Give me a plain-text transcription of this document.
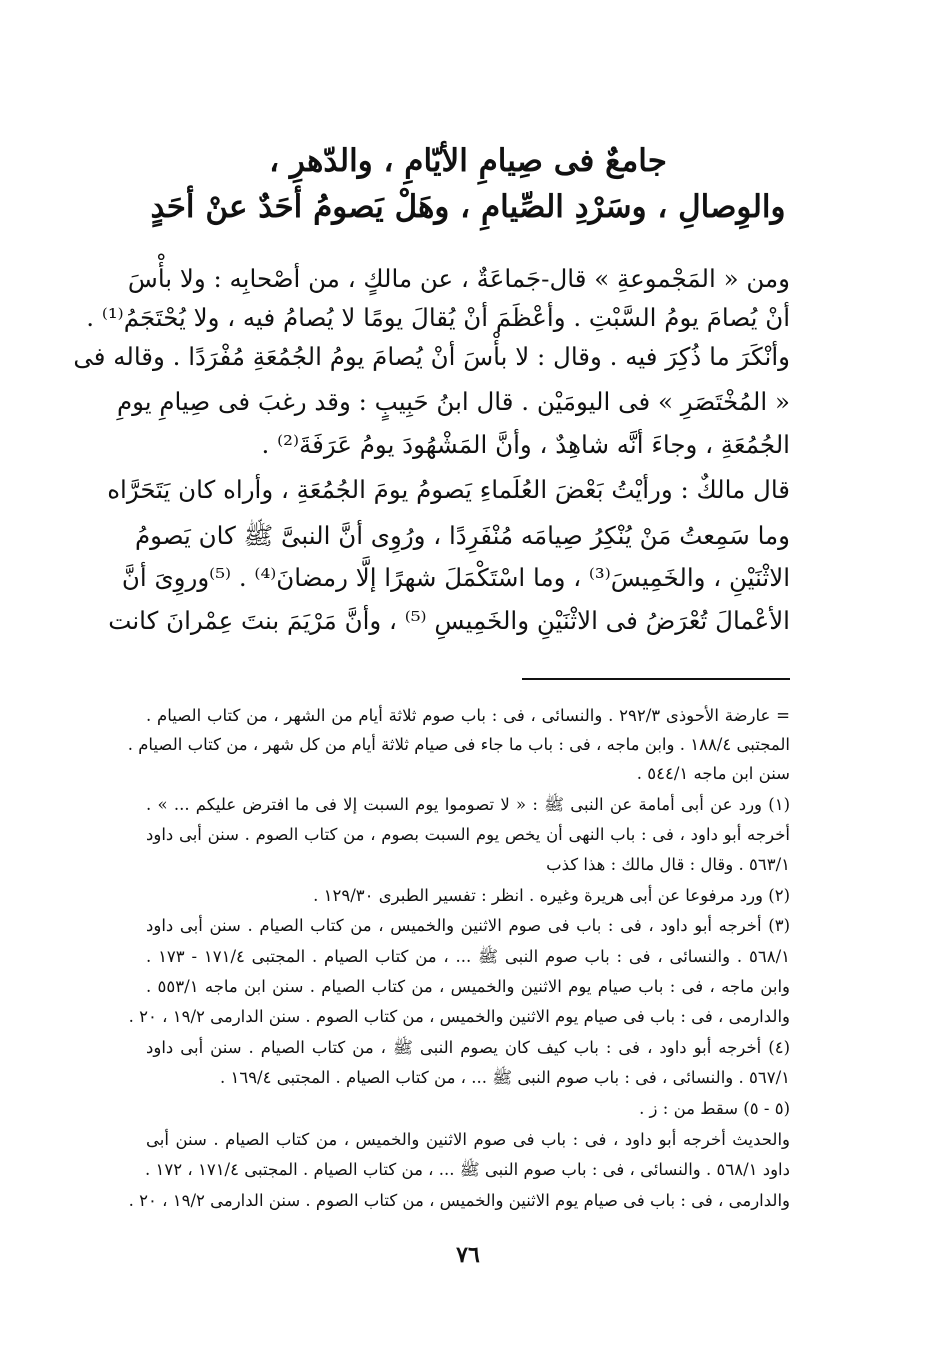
جامعٌ فى صِيامِ الأيّامِ ، والدّهرِ ،
والوِصالِ ، وسَرْدِ الصِّيامِ ، وهَلْ يَصومُ أحَدٌ عنْ أحَدٍ
ومن « المَجْموعةِ » قال-جَماعَةٌ ، عن مالكٍ ، من أصْحابِه : ولا بأْسَ
أنْ يُصامَ يومُ السَّبْتِ . وأعْظَمَ أنْ يُقالَ يومًا لا يُصامُ فيه ، ولا يُحْتَجَمُ⁽¹⁾ .
وأنْكَرَ ما ذُكِرَ فيه . وقال : لا بأْسَ أنْ يُصامَ يومُ الجُمُعَةِ مُفْرَدًا . وقاله فى
« المُخْتَصَرِ » فى اليومَيْن . قال ابنُ حَبِيبٍ : وقد رغبَ فى صِيامِ يومِ
الجُمُعَةِ ، وجاءَ أنَّه شاهِدٌ ، وأنَّ المَشْهُودَ يومُ عَرَفَةَ⁽²⁾ .
قال مالكٌ : ورأيْتُ بَعْضَ العُلَماءِ يَصومُ يومَ الجُمُعَةِ ، وأراه كان يَتَحَرَّاه
وما سَمِعتُ مَنْ يُنْكِرُ صِيامَه مُنْفَرِدًا ، ورُوِى أنَّ النبىَّ ﷺ كان يَصومُ
الاثْنَيْنِ ، والخَمِيسَ⁽³⁾ ، وما اسْتَكْمَلَ شهرًا إلَّا رمضانَ⁽⁴⁾ . ⁽⁵⁾وروِىَ أنَّ
الأعْمالَ تُعْرَضُ فى الاثْنَيْنِ والخَمِيسِ ⁽⁵⁾ ، وأنَّ مَرْيَمَ بنتَ عِمْرانَ كانت
= عارضة الأحوذى ٢٩٢/٣ . والنسائى ، فى : باب صوم ثلاثة أيام من الشهر ، من كتاب الصيام .
المجتبى ١٨٨/٤ . وابن ماجه ، فى : باب ما جاء فى صيام ثلاثة أيام من كل شهر ، من كتاب الصيام .
سنن ابن ماجه ٥٤٤/١ .
(١) ورد عن أبى أمامة عن النبى ﷺ : « لا تصوموا يوم السبت إلا فى ما افترض عليكم ... » .
أخرجه أبو داود ، فى : باب النهى أن يخص يوم السبت بصوم ، من كتاب الصوم . سنن أبى داود
٥٦٣/١ . وقال : قال مالك : هذا كذب
(٢) ورد مرفوعا عن أبى هريرة وغيره . انظر : تفسير الطبرى ١٢٩/٣٠ .
(٣) أخرجه أبو داود ، فى : باب فى صوم الاثنين والخميس ، من كتاب الصيام . سنن أبى داود
٥٦٨/١ . والنسائى ، فى : باب صوم النبى ﷺ ... ، من كتاب الصيام . المجتبى ١٧١/٤ - ١٧٣ .
وابن ماجه ، فى : باب صيام يوم الاثنين والخميس ، من كتاب الصيام . سنن ابن ماجه ٥٥٣/١ .
والدارمى ، فى : باب فى صيام يوم الاثنين والخميس ، من كتاب الصوم . سنن الدارمى ١٩/٢ ، ٢٠ .
(٤) أخرجه أبو داود ، فى : باب كيف كان يصوم النبى ﷺ ، من كتاب الصيام . سنن أبى داود
٥٦٧/١ . والنسائى ، فى : باب صوم النبى ﷺ ... ، من كتاب الصيام . المجتبى ١٦٩/٤ .
(٥ - ٥) سقط من : ز .
والحديث أخرجه أبو داود ، فى : باب فى صوم الاثنين والخميس ، من كتاب الصيام . سنن أبى
داود ٥٦٨/١ . والنسائى ، فى : باب صوم النبى ﷺ ... ، من كتاب الصيام . المجتبى ١٧١/٤ ، ١٧٢ .
والدارمى ، فى : باب فى صيام يوم الاثنين والخميس ، من كتاب الصوم . سنن الدارمى ١٩/٢ ، ٢٠ .
٧٦
